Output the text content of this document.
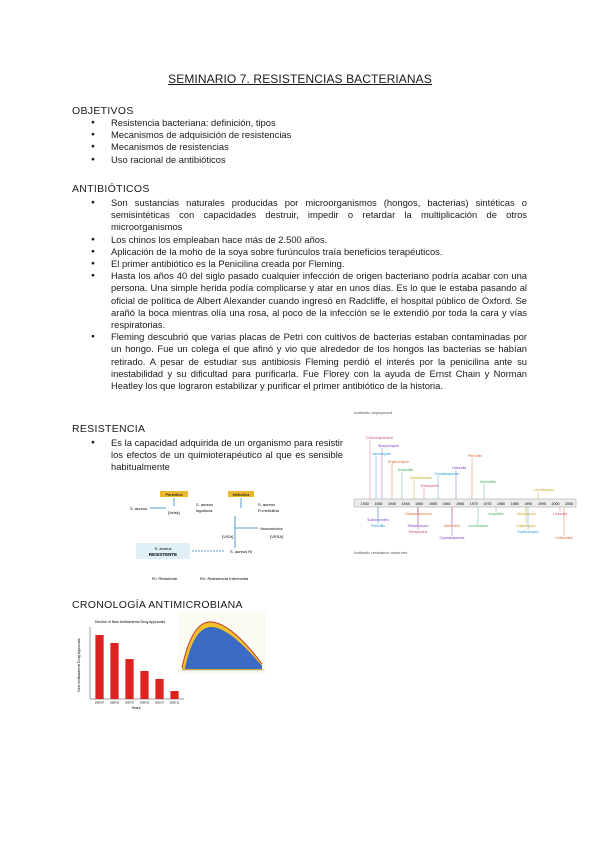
SEMINARIO 7. RESISTENCIAS BACTERIANAS
OBJETIVOS
● Resistencia bacteriana: definición, tipos
● Mecanismos de adquisición de resistencias
● Mecanismos de resistencias
● Uso racional de antibióticos
ANTIBIÓTICOS
● Son sustancias naturales producidas por microorganismos (hongos, bacterias) sintéticas o semisintéticas con capacidades destruir, impedir o retardar la multiplicación de otros microorganismos
● Los chinos los empleaban hace más de 2.500 años.
● Aplicación de la moho de la soya sobre furúnculos traía beneficios terapéuticos.
● El primer antibiótico es la Penicilina creada por Fleming.
● Hasta los años 40 del siglo pasado cualquier infección de origen bacteriano podría acabar con una persona. Una simple herida podía complicarse y atar en unos días. Es lo que le estaba pasando al oficial de política de Albert Alexander cuando ingresó en Radcliffe, el hospital público de Oxford. Se arañó la boca mientras olía una rosa, al poco de la infección se le extendió por toda la cara y vías respiratorias.
● Fleming descubrió que varias placas de Petri con cultivos de bacterias estaban contaminadas por un hongo. Fue un colega el que afinó y vio que alrededor de los hongos las bacterias se habían retirado. A pesar de estudiar sus antibiosis Fleming perdió el interés por la penicilina ante su inestabilidad y su dificultad para purificarla. Fue Florey con la ayuda de Ernst Chain y Norman Heatley los que lograron estabilizar y purificar el primer antibiótico de la historia.
RESISTENCIA
● Es la capacidad adquirida de un organismo para resistir los efectos de un quimioterapéutico al que es sensible habitualmente
Penicilina	Meticilina
S. aureus
[Velsk]
S. aureus
fagocitosis
S. aureus
R-meticilina
Vancomicina
[VISA]	[VRSA]
S. aureus
RESISTENTE
S. aureus RI
R= Resistente	RI= Resistencia Intermedia
Antibiotic deployment
1930 1935 1940 1945 1950 1955 1960 1965 1970 1975 1980 1985 1990 1995 2000 2005
Chloramphenicol
Vancomycin
Streptomycin
Erythromycin
Ampicillin
Sulfonamides
Tetracycline
Cephalosporins
Linezolid
Penicillin
Methicillin
Levofloxacin
Sulfonamides
Chloramphenicol	Ampicillin	Vancomycin	Linezolid
Penicillin	Streptomycin	Methicillin Levofloxacin	Daptomycin
Tetracycline	Erythromycin
Cephalosporins	Ceftaroline
Antibiotic resistance observed
CRONOLOGÍA ANTIMICROBIANA
Decline of New Antibacterial Drug Approvals
New Antibacterial Drug Approvals
Years
1983-87 1988-92 1993-97 1998-02 2003-07 2008-12
